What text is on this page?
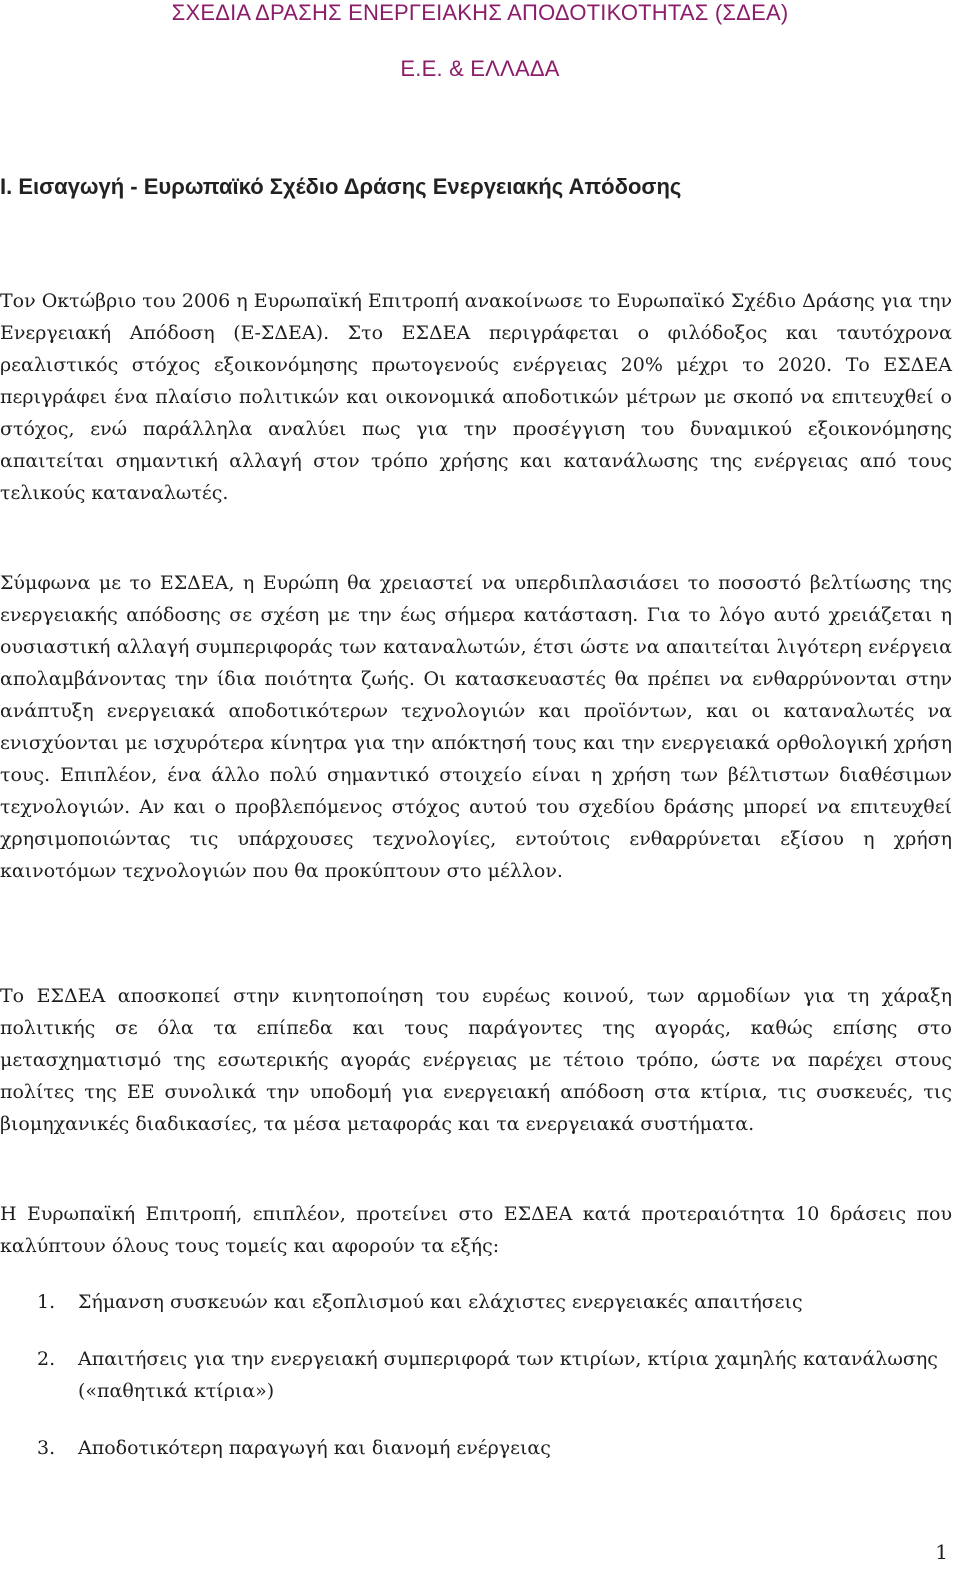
ΣΧΕΔΙΑ ΔΡΑΣΗΣ ΕΝΕΡΓΕΙΑΚΗΣ ΑΠΟΔΟΤΙΚΟΤΗΤΑΣ (ΣΔΕΑ)
Ε.Ε. & ΕΛΛΑΔΑ
I. Εισαγωγή - Ευρωπαϊκό Σχέδιο Δράσης Ενεργειακής Απόδοσης

Τον Οκτώβριο του 2006 η Ευρωπαϊκή Επιτροπή ανακοίνωσε το Ευρωπαϊκό Σχέδιο Δράσης για την Ενεργειακή Απόδοση (Ε-ΣΔΕΑ). Στο ΕΣΔΕΑ περιγράφεται ο φιλόδοξος και ταυτόχρονα ρεαλιστικός στόχος εξοικονόμησης πρωτογενούς ενέργειας 20% μέχρι το 2020. Το ΕΣΔΕΑ περιγράφει ένα πλαίσιο πολιτικών και οικονομικά αποδοτικών μέτρων με σκοπό να επιτευχθεί ο στόχος, ενώ παράλληλα αναλύει πως για την προσέγγιση του δυναμικού εξοικονόμησης απαιτείται σημαντική αλλαγή στον τρόπο χρήσης και κατανάλωσης της ενέργειας από τους τελικούς καταναλωτές.

Σύμφωνα με το ΕΣΔΕΑ, η Ευρώπη θα χρειαστεί να υπερδιπλασιάσει το ποσοστό βελτίωσης της ενεργειακής απόδοσης σε σχέση με την έως σήμερα κατάσταση. Για το λόγο αυτό χρειάζεται η ουσιαστική αλλαγή συμπεριφοράς των καταναλωτών, έτσι ώστε να απαιτείται λιγότερη ενέργεια απολαμβάνοντας την ίδια ποιότητα ζωής. Οι κατασκευαστές θα πρέπει να ενθαρρύνονται στην ανάπτυξη ενεργειακά αποδοτικότερων τεχνολογιών και προϊόντων, και οι καταναλωτές να ενισχύονται με ισχυρότερα κίνητρα για την απόκτησή τους και την ενεργειακά ορθολογική χρήση τους. Επιπλέον, ένα άλλο πολύ σημαντικό στοιχείο είναι η χρήση των βέλτιστων διαθέσιμων τεχνολογιών. Αν και ο προβλεπόμενος στόχος αυτού του σχεδίου δράσης μπορεί να επιτευχθεί χρησιμοποιώντας τις υπάρχουσες τεχνολογίες, εντούτοις ενθαρρύνεται εξίσου η χρήση καινοτόμων τεχνολογιών που θα προκύπτουν στο μέλλον.

Το ΕΣΔΕΑ αποσκοπεί στην κινητοποίηση του ευρέως κοινού, των αρμοδίων για τη χάραξη πολιτικής σε όλα τα επίπεδα και τους παράγοντες της αγοράς, καθώς επίσης στο μετασχηματισμό της εσωτερικής αγοράς ενέργειας με τέτοιο τρόπο, ώστε να παρέχει στους πολίτες της ΕΕ συνολικά την υποδομή για ενεργειακή απόδοση στα κτίρια, τις συσκευές, τις βιομηχανικές διαδικασίες, τα μέσα μεταφοράς και τα ενεργειακά συστήματα.

Η Ευρωπαϊκή Επιτροπή, επιπλέον, προτείνει στο ΕΣΔΕΑ κατά προτεραιότητα 10 δράσεις που καλύπτουν όλους τους τομείς και αφορούν τα εξής:

1. Σήμανση συσκευών και εξοπλισμού και ελάχιστες ενεργειακές απαιτήσεις
2. Απαιτήσεις για την ενεργειακή συμπεριφορά των κτιρίων, κτίρια χαμηλής κατανάλωσης («παθητικά κτίρια»)
3. Αποδοτικότερη παραγωγή και διανομή ενέργειας
1
